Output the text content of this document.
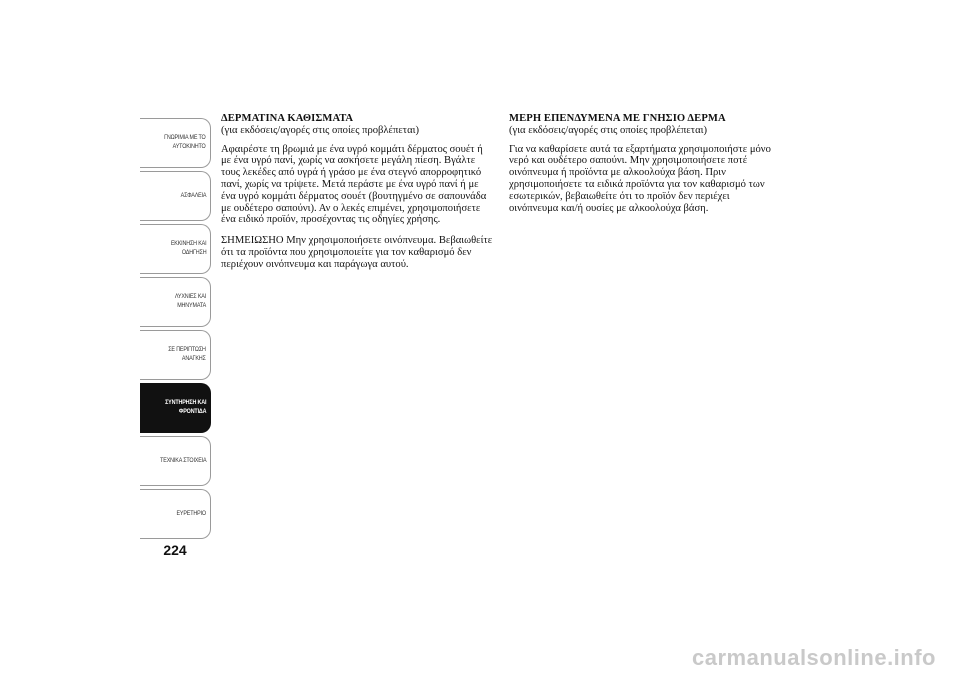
ΓΝΩΡΙΜΙΑ ΜΕ ΤΟ
ΑΥΤΟΚΙΝΗΤΟ
ΑΣΦΑΛΕΙΑ
ΕΚΚΙΝΗΣΗ ΚΑΙ
ΟΔΗΓΗΣΗ
ΛΥΧΝΙΕΣ ΚΑΙ
ΜΗΝΥΜΑΤΑ
ΣΕ ΠΕΡΙΠΤΩΣΗ
ΑΝΑΓΚΗΣ
ΣΥΝΤΗΡΗΣΗ ΚΑΙ
ΦΡΟΝΤΙΔΑ
ΤΕΧΝΙΚΑ ΣΤΟΙΧΕΙΑ
ΕΥΡΕΤΗΡΙΟ
224

ΔΕΡΜΑΤΙΝΑ ΚΑΘΙΣΜΑΤΑ

(για εκδόσεις/αγορές στις οποίες προβλέπεται)

Αφαιρέστε τη βρωμιά με ένα υγρό κομμάτι δέρματος σουέτ ή με ένα υγρό πανί, χωρίς να ασκήσετε μεγάλη πίεση. Βγάλτε τους λεκέδες από υγρά ή γράσο με ένα στεγνό απορροφητικό πανί, χωρίς να τρίψετε. Μετά περάστε με ένα υγρό πανί ή με ένα υγρό κομμάτι δέρματος σουέτ (βουτηγμένο σε σαπουνάδα με ουδέτερο σαπούνι). Αν ο λεκές επιμένει, χρησιμοποιήσετε ένα ειδικό προϊόν, προσέχοντας τις οδηγίες χρήσης.

ΣΗΜΕΙΩΣΗΟ Μην χρησιμοποιήσετε οινόπνευμα. Βεβαιωθείτε ότι τα προϊόντα που χρησιμοποιείτε για τον καθαρισμό δεν περιέχουν οινόπνευμα και παράγωγα αυτού.

ΜΕΡΗ ΕΠΕΝΔΥΜΕΝΑ ΜΕ ΓΝΗΣΙΟ ΔΕΡΜΑ

(για εκδόσεις/αγορές στις οποίες προβλέπεται)

Για να καθαρίσετε αυτά τα εξαρτήματα χρησιμοποιήστε μόνο νερό και ουδέτερο σαπούνι. Μην χρησιμοποιήσετε ποτέ οινόπνευμα ή προϊόντα με αλκοολούχα βάση. Πριν χρησιμοποιήσετε τα ειδικά προϊόντα για τον καθαρισμό των εσωτερικών, βεβαιωθείτε ότι το προϊόν δεν περιέχει οινόπνευμα και/ή ουσίες με αλκοολούχα βάση.

carmanualsonline.info
